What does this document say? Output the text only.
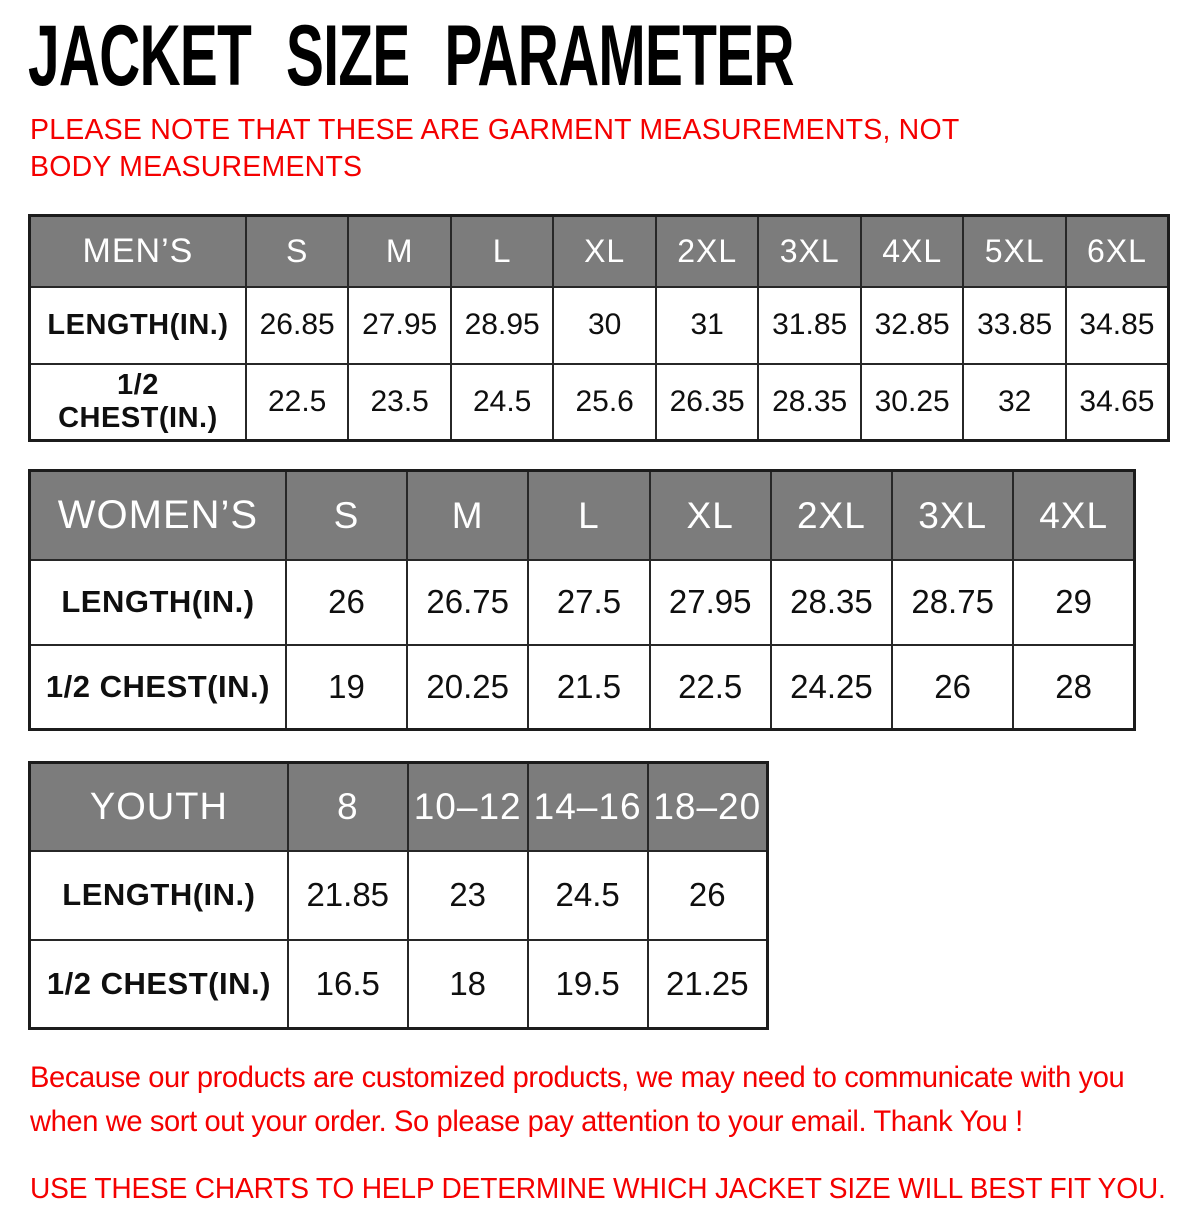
JACKET SIZE PARAMETER

PLEASE NOTE THAT THESE ARE GARMENT MEASUREMENTS, NOT BODY MEASUREMENTS

MEN’S	S	M	L	XL	2XL	3XL	4XL	5XL	6XL
LENGTH(IN.)	26.85	27.95	28.95	30	31	31.85	32.85	33.85	34.85
1/2 CHEST(IN.)	22.5	23.5	24.5	25.6	26.35	28.35	30.25	32	34.65
WOMEN’S	S	M	L	XL	2XL	3XL	4XL
LENGTH(IN.)	26	26.75	27.5	27.95	28.35	28.75	29
1/2 CHEST(IN.)	19	20.25	21.5	22.5	24.25	26	28
YOUTH	8	10–12	14–16	18–20
LENGTH(IN.)	21.85	23	24.5	26
1/2 CHEST(IN.)	16.5	18	19.5	21.25
Because our products are customized products, we may need to communicate with you
when we sort out your order. So please pay attention to your email. Thank You !
USE THESE CHARTS TO HELP DETERMINE WHICH JACKET SIZE WILL BEST FIT YOU.
